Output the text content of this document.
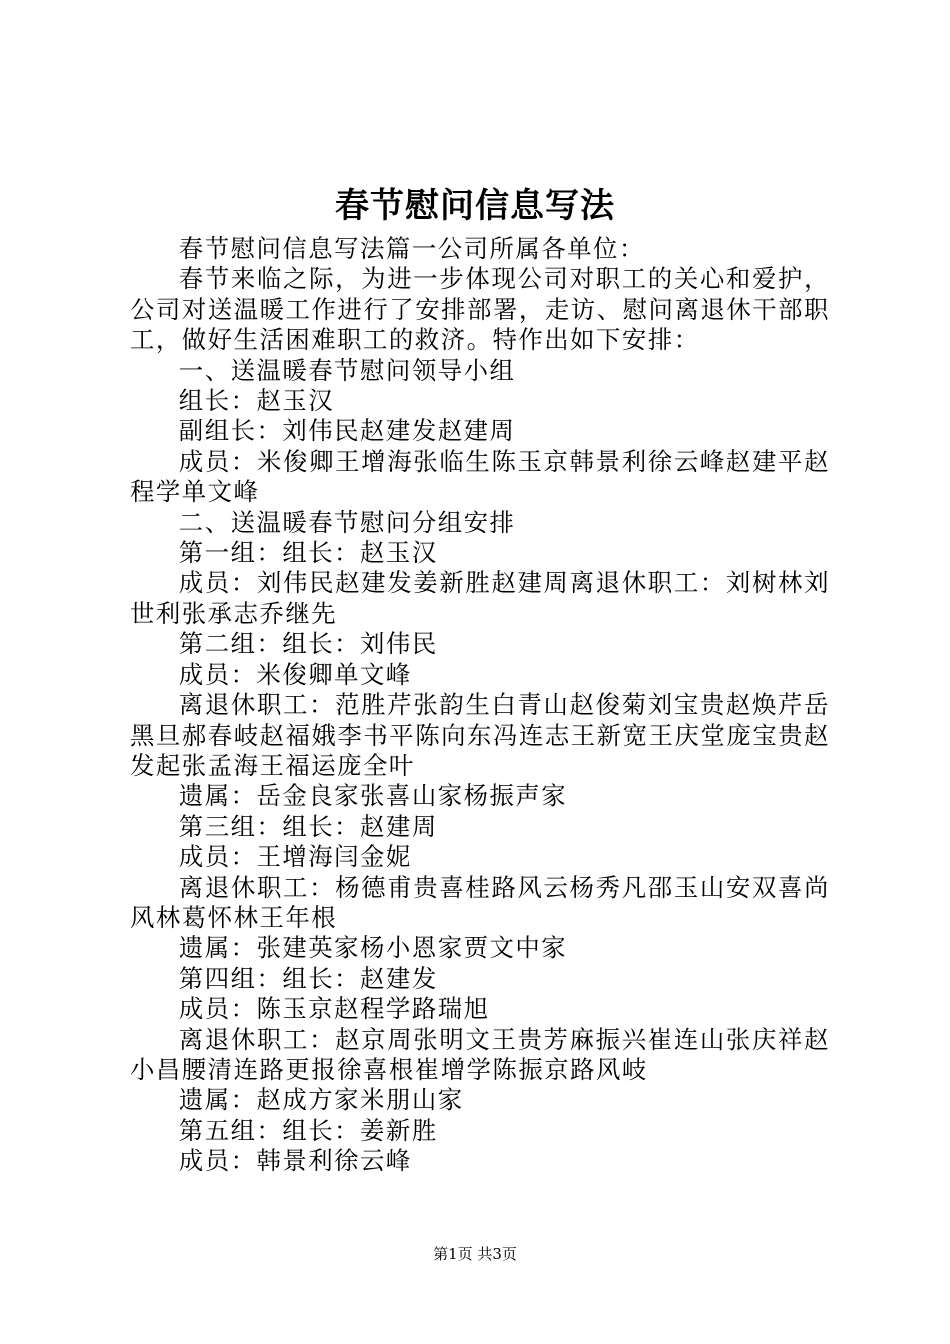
春节慰问信息写法

春节慰问信息写法篇一公司所属各单位：

春节来临之际，为进一步体现公司对职工的关心和爱护，公司对送温暖工作进行了安排部署，走访、慰问离退休干部职工，做好生活困难职工的救济。特作出如下安排：

一、送温暖春节慰问领导小组

组长：赵玉汉

副组长：刘伟民赵建发赵建周

成员：米俊卿王增海张临生陈玉京韩景利徐云峰赵建平赵程学单文峰

二、送温暖春节慰问分组安排

第一组：组长：赵玉汉

成员：刘伟民赵建发姜新胜赵建周离退休职工：刘树林刘世利张承志乔继先

第二组：组长：刘伟民

成员：米俊卿单文峰

离退休职工：范胜芹张韵生白青山赵俊菊刘宝贵赵焕芹岳黑旦郝春岐赵福娥李书平陈向东冯连志王新宽王庆堂庞宝贵赵发起张孟海王福运庞全叶

遗属：岳金良家张喜山家杨振声家

第三组：组长：赵建周

成员：王增海闫金妮

离退休职工：杨德甫贵喜桂路风云杨秀凡邵玉山安双喜尚风林葛怀林王年根

遗属：张建英家杨小恩家贾文中家

第四组：组长：赵建发

成员：陈玉京赵程学路瑞旭

离退休职工：赵京周张明文王贵芳麻振兴崔连山张庆祥赵小昌腰清连路更报徐喜根崔增学陈振京路风岐

遗属：赵成方家米朋山家

第五组：组长：姜新胜

成员：韩景利徐云峰

第1页 共3页
